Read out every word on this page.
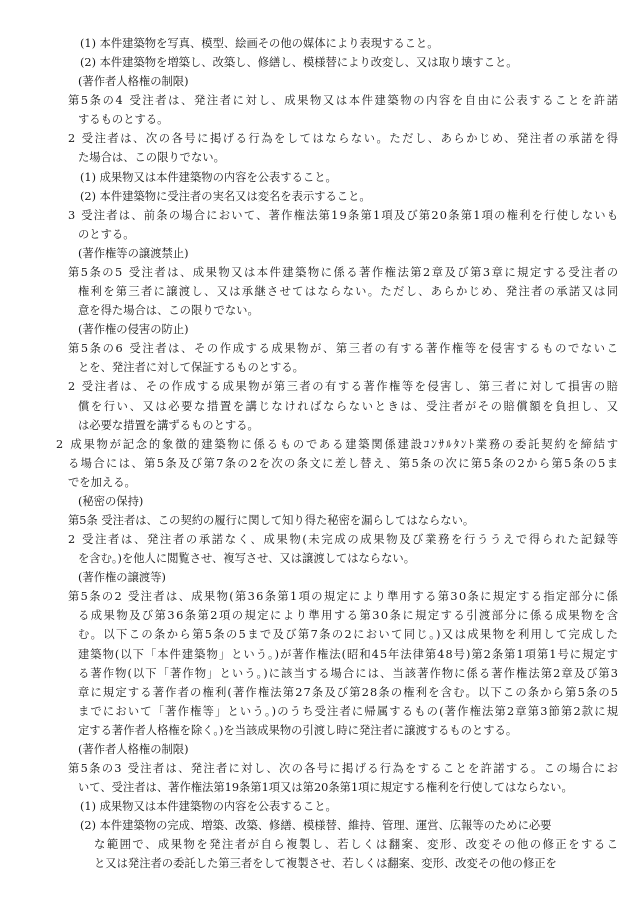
(1) 本件建築物を写真、模型、絵画その他の媒体により表現すること。
(2) 本件建築物を増築し、改築し、修繕し、模様替により改変し、又は取り壊すこと。
(著作者人格権の制限)
第5条の4 受注者は、発注者に対し、成果物又は本件建築物の内容を自由に公表することを許諾
するものとする。
2 受注者は、次の各号に掲げる行為をしてはならない。ただし、あらかじめ、発注者の承諾を得
た場合は、この限りでない。
(1) 成果物又は本件建築物の内容を公表すること。
(2) 本件建築物に受注者の実名又は変名を表示すること。
3 受注者は、前条の場合において、著作権法第19条第1項及び第20条第1項の権利を行使しないも
のとする。
(著作権等の譲渡禁止)
第5条の5 受注者は、成果物又は本件建築物に係る著作権法第2章及び第3章に規定する受注者の
権利を第三者に譲渡し、又は承継させてはならない。ただし、あらかじめ、発注者の承諾又は同
意を得た場合は、この限りでない。
(著作権の侵害の防止)
第5条の6 受注者は、その作成する成果物が、第三者の有する著作権等を侵害するものでないこ
とを、発注者に対して保証するものとする。
2 受注者は、その作成する成果物が第三者の有する著作権等を侵害し、第三者に対して損害の賠
償を行い、又は必要な措置を講じなければならないときは、受注者がその賠償額を負担し、又
は必要な措置を講ずるものとする。
2 成果物が記念的象徴的建築物に係るものである建築関係建設ｺﾝｻﾙﾀﾝﾄ業務の委託契約を締結す
る場合には、第5条及び第7条の2を次の条文に差し替え、第5条の次に第5条の2から第5条の5ま
でを加える。
(秘密の保持)
第5条 受注者は、この契約の履行に関して知り得た秘密を漏らしてはならない。
2 受注者は、発注者の承諾なく、成果物(未完成の成果物及び業務を行ううえで得られた記録等
を含む。)を他人に閲覧させ、複写させ、又は譲渡してはならない。
(著作権の譲渡等)
第5条の2 受注者は、成果物(第36条第1項の規定により準用する第30条に規定する指定部分に係
る成果物及び第36条第2項の規定により準用する第30条に規定する引渡部分に係る成果物を含
む。以下この条から第5条の5まで及び第7条の2において同じ。)又は成果物を利用して完成した
建築物(以下「本件建築物」という。)が著作権法(昭和45年法律第48号)第2条第1項第1号に規定す
る著作物(以下「著作物」という。)に該当する場合には、当該著作物に係る著作権法第2章及び第3
章に規定する著作者の権利(著作権法第27条及び第28条の権利を含む。以下この条から第5条の5
までにおいて「著作権等」という。)のうち受注者に帰属するもの(著作権法第2章第3節第2款に規
定する著作者人格権を除く。)を当該成果物の引渡し時に発注者に譲渡するものとする。
(著作者人格権の制限)
第5条の3 受注者は、発注者に対し、次の各号に掲げる行為をすることを許諾する。この場合にお
いて、受注者は、著作権法第19条第1項又は第20条第1項に規定する権利を行使してはならない。
(1) 成果物又は本件建築物の内容を公表すること。
(2) 本件建築物の完成、増築、改築、修繕、模様替、維持、管理、運営、広報等のために必要
な範囲で、成果物を発注者が自ら複製し、若しくは翻案、変形、改変その他の修正をするこ
と又は発注者の委託した第三者をして複製させ、若しくは翻案、変形、改変その他の修正を
